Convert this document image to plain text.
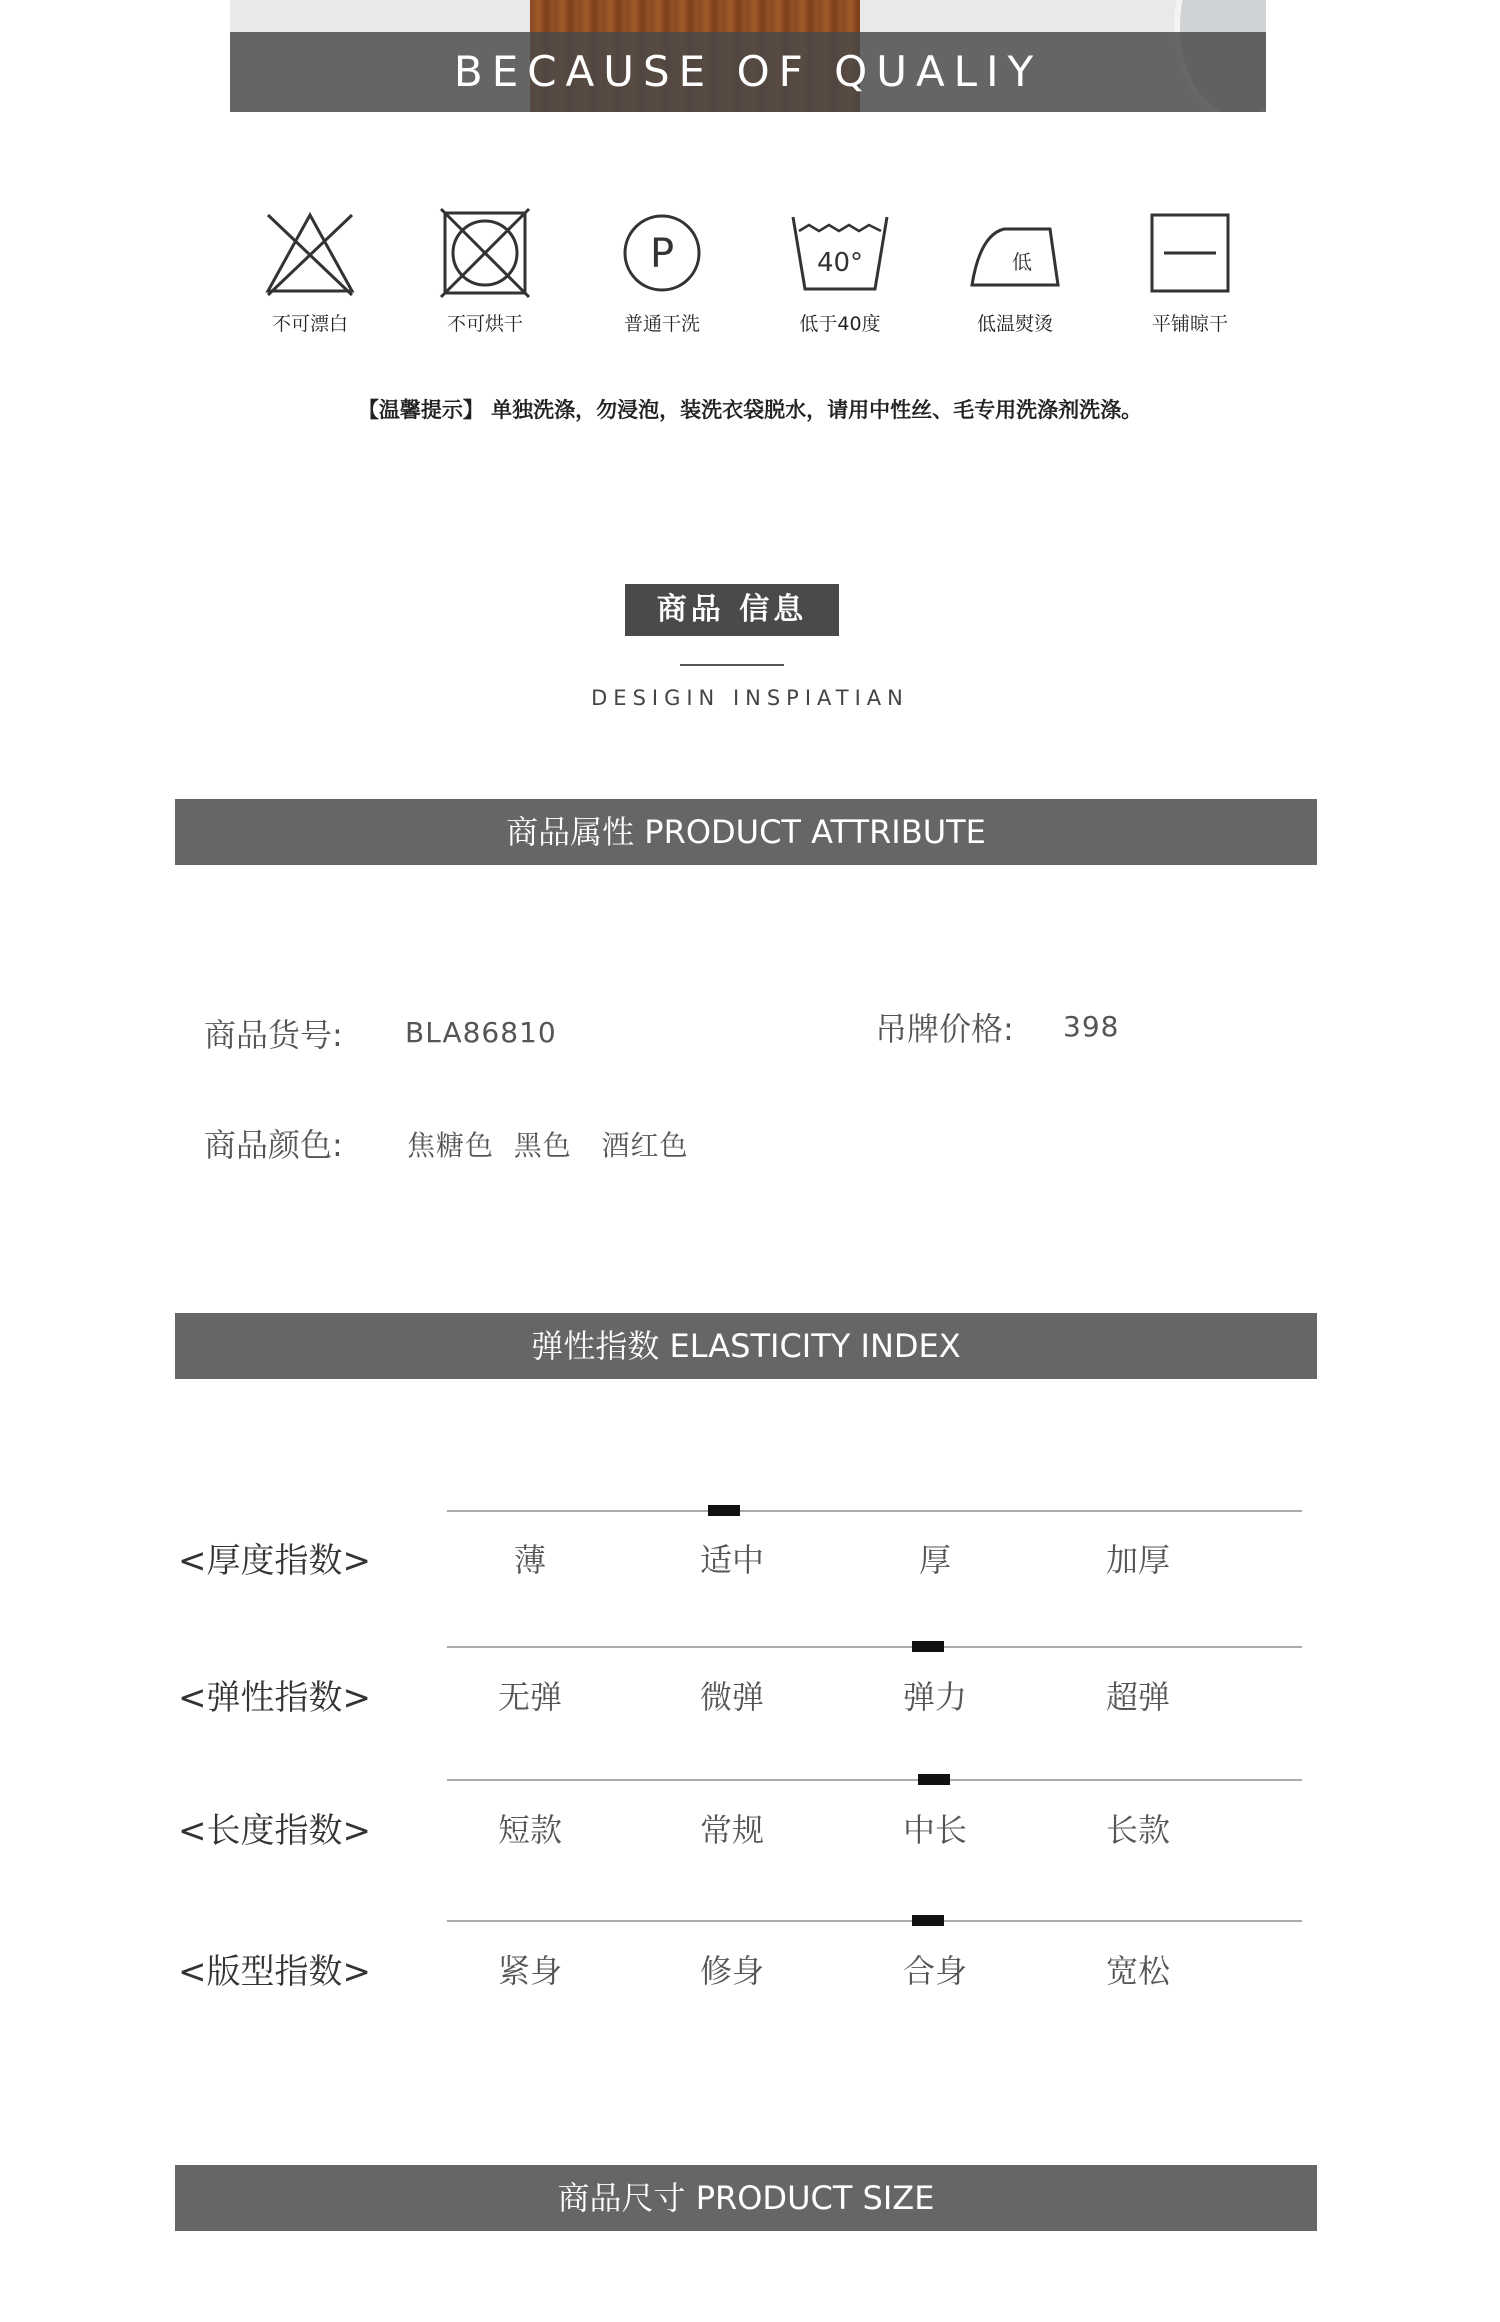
BECAUSE OF QUALIY
不可漂白	不可烘干
P
普通干洗
40°
低于40度
低
低温熨烫	平铺晾干
【温馨提示】 单独洗涤，勿浸泡，装洗衣袋脱水，请用中性丝、毛专用洗涤剂洗涤。
商品 信息
DESIGIN INSPIATIAN
商品属性 PRODUCT ATTRIBUTE
商品货号: BLA86810	吊牌价格: 398
商品颜色: 焦糖色  黑色   酒红色
弹性指数 ELASTICITY INDEX
<厚度指数>	薄	适中	厚	加厚
<弹性指数>	无弹	微弹	弹力	超弹
<长度指数>	短款	常规	中长	长款
<版型指数>	紧身	修身	合身	宽松
商品尺寸 PRODUCT SIZE
